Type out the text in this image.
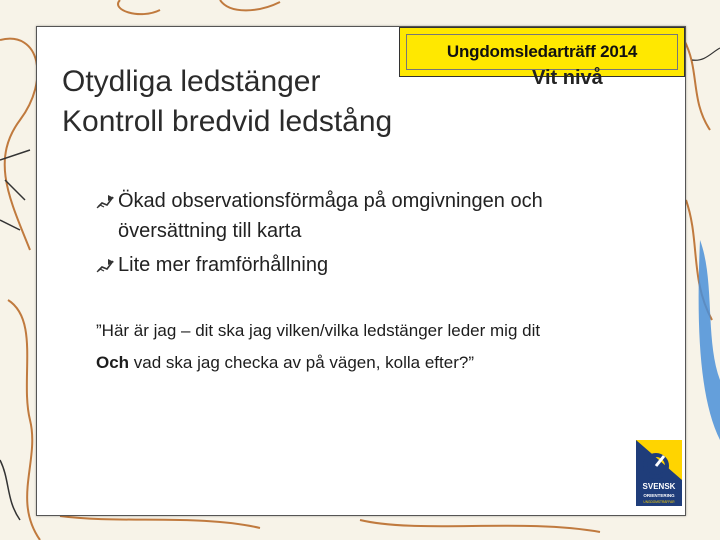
Ungdomsledarträff 2014
Otydliga ledstänger
Kontroll bredvid ledstång
Vit nivå
Ökad observationsförmåga på omgivningen och översättning till karta
Lite mer framförhållning

”Här är jag – dit ska jag vilken/vilka ledstänger leder mig dit

Och vad ska jag checka av på vägen, kolla efter?”

SVENSK
ORIENTERING
UNGDOMSTRÄFFAR
